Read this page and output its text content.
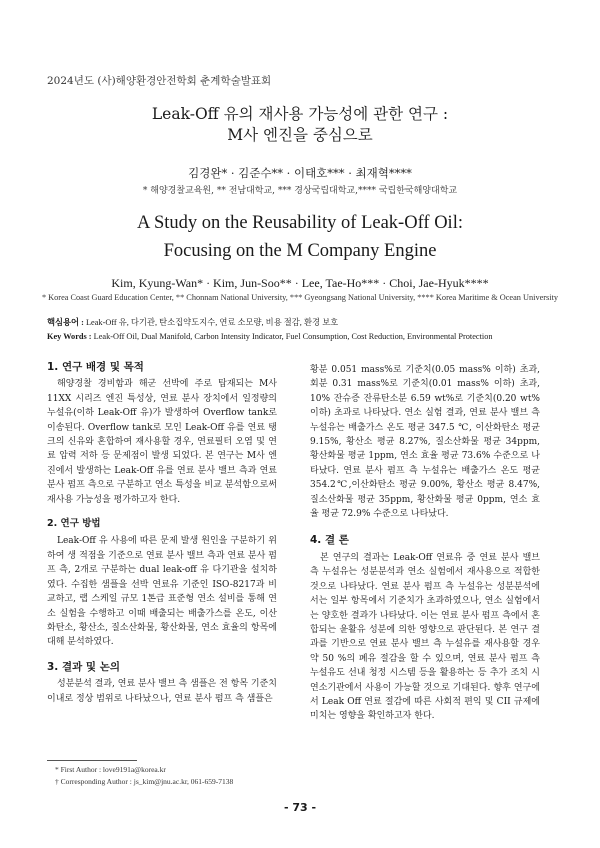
2024년도 (사)해양환경안전학회 춘계학술발표회
Leak-Off 유의 재사용 가능성에 관한 연구 :
M사 엔진을 중심으로
김경완* · 김준수** · 이태호*** · 최재혁****
* 해양경찰교육원, ** 전남대학교, *** 경상국립대학교,**** 국립한국해양대학교
A Study on the Reusability of Leak-Off Oil:
Focusing on the M Company Engine
Kim, Kyung-Wan* · Kim, Jun-Soo** · Lee, Tae-Ho*** · Choi, Jae-Hyuk****
* Korea Coast Guard Education Center, ** Chonnam National University, *** Gyeongsang National University, **** Korea Maritime & Ocean University
핵심용어 : Leak-Off 유, 다기관, 탄소집약도지수, 연료 소모량, 비용 절감, 환경 보호
Key Words : Leak-Off Oil, Dual Manifold, Carbon Intensity Indicator, Fuel Consumption, Cost Reduction, Environmental Protection
1. 연구 배경 및 목적

해양경찰 경비함과 해군 선박에 주로 탑재되는 M사 11XX 시리즈 엔진 특성상, 연료 분사 장치에서 일정량의 누설유(이하 Leak-Off 유)가 발생하여 Overflow tank로 이송된다. Overflow tank로 모인 Leak-Off 유를 연료 탱크의 신유와 혼합하여 재사용할 경우, 연료필터 오염 및 연료 압력 저하 등 문제점이 발생 되었다. 본 연구는 M사 엔진에서 발생하는 Leak-Off 유를 연료 분사 밸브 측과 연료 분사 펌프 측으로 구분하고 연소 특성을 비교 분석함으로써 재사용 가능성을 평가하고자 한다.

2. 연구 방법

Leak-Off 유 사용에 따른 문제 발생 원인을 구분하기 위하여 생 적점을 기준으로 연료 분사 밸브 측과 연료 분사 펌프 측, 2개로 구분하는 dual leak-off 유 다기관을 설치하였다. 수집한 샘플을 선박 연료유 기준인 ISO-8217과 비교하고, 랩 스케일 규모 1톤급 표준형 연소 설비를 통해 연소 실험을 수행하고 이때 배출되는 배출가스를 온도, 이산화탄소, 황산소, 질소산화물, 황산화물, 연소 효율의 항목에 대해 분석하였다.

3. 결과 및 논의

성분분석 결과, 연료 분사 밸브 측 샘플은 전 항목 기준치 이내로 정상 범위로 나타났으나, 연료 분사 펌프 측 샘플은

황분 0.051 mass%로 기준치(0.05 mass% 이하) 초과, 회분 0.31 mass%로 기준치(0.01 mass% 이하) 초과, 10% 잔슈증 잔류탄소분 6.59 wt%로 기준치(0.20 wt% 이하) 초과로 나타났다. 연소 실험 결과, 연료 분사 밸브 측 누설유는 배출가스 온도 평균 347.5 ℃, 이산화탄소 평균 9.15%, 황산소 평균 8.27%, 질소산화물 평균 34ppm, 황산화물 평균 1ppm, 연소 효율 평균 73.6% 수준으로 나타났다. 연료 분사 펌프 측 누설유는 배출가스 온도 평균 354.2℃,이산화탄소 평균 9.00%, 황산소 평균 8.47%, 질소산화물 평균 35ppm, 황산화물 평균 0ppm, 연소 효율 평균 72.9% 수준으로 나타났다.

4. 결 론

본 연구의 결과는 Leak-Off 연료유 중 연료 분사 밸브 측 누설유는 성분분석과 연소 실험에서 재사용으로 적합한 것으로 나타났다. 연료 분사 펌프 측 누설유는 성분분석에서는 일부 항목에서 기준치가 초과하였으나, 연소 실험에서는 양호한 결과가 나타났다. 이는 연료 분사 펌프 측에서 혼합되는 윤활유 성분에 의한 영향으로 판단된다. 본 연구 결과를 기반으로 연료 분사 밸브 측 누설유를 재사용할 경우 약 50 %의 폐유 절감을 할 수 있으며, 연료 분사 펌프 측 누설유도 선내 청정 시스템 등을 활용하는 등 추가 조치 시 연소기관에서 사용이 가능할 것으로 기대된다. 향후 연구에서 Leak Off 연료 절감에 따른 사회적 편익 및 CII 규제에 미치는 영향을 확인하고자 한다.

* First Author : love9191a@korea.kr
† Corresponding Author : js_kim@jnu.ac.kr, 061-659-7138
- 73 -
